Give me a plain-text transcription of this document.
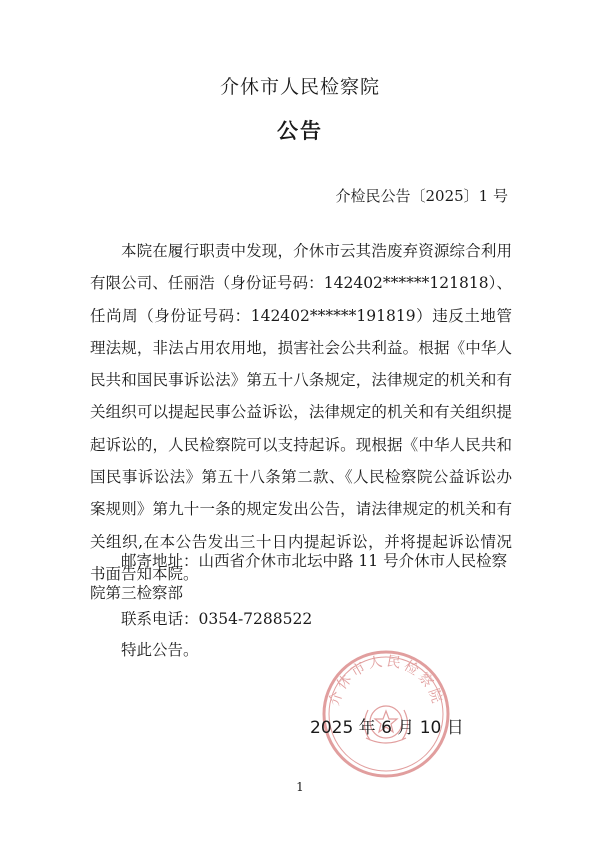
介休市人民检察院
公告
介检民公告〔2025〕1 号

本院在履行职责中发现，介休市云其浩废弃资源综合利用有限公司、任丽浩（身份证号码：142402******121818）、任尚周（身份证号码：142402******191819）违反土地管理法规，非法占用农用地，损害社会公共利益。根据《中华人民共和国民事诉讼法》第五十八条规定，法律规定的机关和有关组织可以提起民事公益诉讼，法律规定的机关和有关组织提起诉讼的，人民检察院可以支持起诉。现根据《中华人民共和国民事诉讼法》第五十八条第二款、《人民检察院公益诉讼办案规则》第九十一条的规定发出公告，请法律规定的机关和有关组织,在本公告发出三十日内提起诉讼，并将提起诉讼情况书面告知本院。

邮寄地址：山西省介休市北坛中路 11 号介休市人民检察院第三检察部

联系电话：0354-7288522

特此公告。

介休市人民检察院
2025 年 6 月 10 日
1
